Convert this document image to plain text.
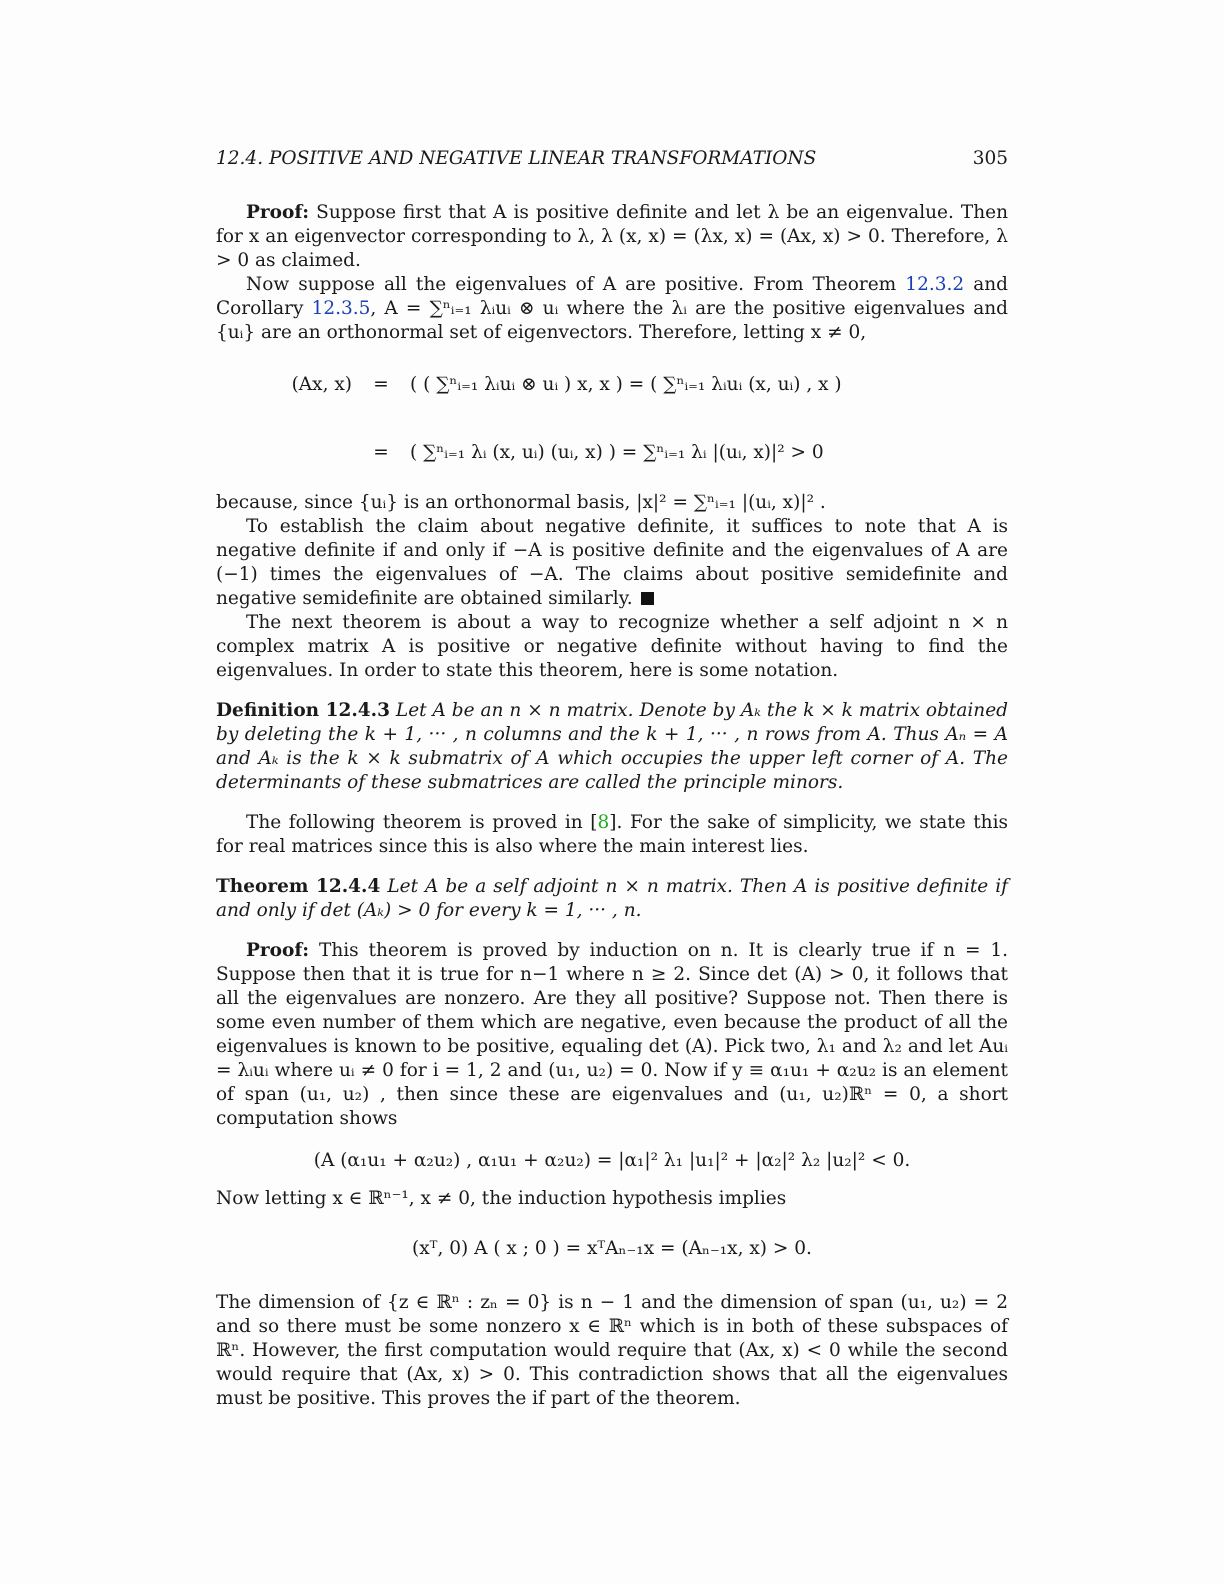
12.4. POSITIVE AND NEGATIVE LINEAR TRANSFORMATIONS	305

Proof: Suppose first that A is positive definite and let λ be an eigenvalue. Then for x an eigenvector corresponding to λ, λ (x, x) = (λx, x) = (Ax, x) > 0. Therefore, λ > 0 as claimed.

Now suppose all the eigenvalues of A are positive. From Theorem 12.3.2 and Corollary 12.3.5, A = ∑ⁿᵢ₌₁ λᵢuᵢ ⊗ uᵢ where the λᵢ are the positive eigenvalues and {uᵢ} are an orthonormal set of eigenvectors. Therefore, letting x ≠ 0,

(Ax, x)	=	( ( ∑ⁿᵢ₌₁ λᵢuᵢ ⊗ uᵢ ) x, x ) = ( ∑ⁿᵢ₌₁ λᵢuᵢ (x, uᵢ) , x )
=	( ∑ⁿᵢ₌₁ λᵢ (x, uᵢ) (uᵢ, x) ) = ∑ⁿᵢ₌₁ λᵢ |(uᵢ, x)|² > 0

because, since {uᵢ} is an orthonormal basis, |x|² = ∑ⁿᵢ₌₁ |(uᵢ, x)|² .

To establish the claim about negative definite, it suffices to note that A is negative definite if and only if −A is positive definite and the eigenvalues of A are (−1) times the eigenvalues of −A. The claims about positive semidefinite and negative semidefinite are obtained similarly.

The next theorem is about a way to recognize whether a self adjoint n × n complex matrix A is positive or negative definite without having to find the eigenvalues. In order to state this theorem, here is some notation.

Definition 12.4.3 Let A be an n × n matrix. Denote by Aₖ the k × k matrix obtained by deleting the k + 1, ··· , n columns and the k + 1, ··· , n rows from A. Thus Aₙ = A and Aₖ is the k × k submatrix of A which occupies the upper left corner of A. The determinants of these submatrices are called the principle minors.

The following theorem is proved in [8]. For the sake of simplicity, we state this for real matrices since this is also where the main interest lies.

Theorem 12.4.4 Let A be a self adjoint n × n matrix. Then A is positive definite if and only if det (Aₖ) > 0 for every k = 1, ··· , n.

Proof: This theorem is proved by induction on n. It is clearly true if n = 1. Suppose then that it is true for n−1 where n ≥ 2. Since det (A) > 0, it follows that all the eigenvalues are nonzero. Are they all positive? Suppose not. Then there is some even number of them which are negative, even because the product of all the eigenvalues is known to be positive, equaling det (A). Pick two, λ₁ and λ₂ and let Auᵢ = λᵢuᵢ where uᵢ ≠ 0 for i = 1, 2 and (u₁, u₂) = 0. Now if y ≡ α₁u₁ + α₂u₂ is an element of span (u₁, u₂) , then since these are eigenvalues and (u₁, u₂)ℝⁿ = 0, a short computation shows

(A (α₁u₁ + α₂u₂) , α₁u₁ + α₂u₂) = |α₁|² λ₁ |u₁|² + |α₂|² λ₂ |u₂|² < 0.

Now letting x ∈ ℝⁿ⁻¹, x ≠ 0, the induction hypothesis implies

(xᵀ, 0) A ( x ; 0 ) = xᵀAₙ₋₁x = (Aₙ₋₁x, x) > 0.

The dimension of {z ∈ ℝⁿ : zₙ = 0} is n − 1 and the dimension of span (u₁, u₂) = 2 and so there must be some nonzero x ∈ ℝⁿ which is in both of these subspaces of ℝⁿ. However, the first computation would require that (Ax, x) < 0 while the second would require that (Ax, x) > 0. This contradiction shows that all the eigenvalues must be positive. This proves the if part of the theorem.
